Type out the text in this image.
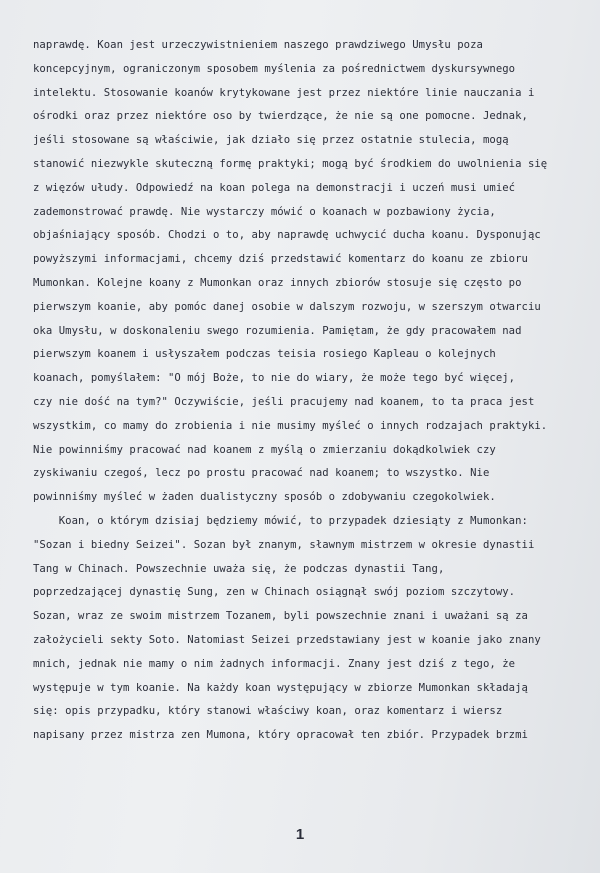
naprawdę. Koan jest urzeczywistnieniem naszego prawdziwego Umysłu poza
koncepcyjnym, ograniczonym sposobem myślenia za pośrednictwem dyskursywnego
intelektu. Stosowanie koanów krytykowane jest przez niektóre linie nauczania i
ośrodki oraz przez niektóre oso by twierdzące, że nie są one pomocne. Jednak,
jeśli stosowane są właściwie, jak działo się przez ostatnie stulecia, mogą
stanowić niezwykle skuteczną formę praktyki; mogą być środkiem do uwolnienia się
z więzów ułudy. Odpowiedź na koan polega na demonstracji i uczeń musi umieć
zademonstrować prawdę. Nie wystarczy mówić o koanach w pozbawiony życia,
objaśniający sposób. Chodzi o to, aby naprawdę uchwycić ducha koanu. Dysponując
powyższymi informacjami, chcemy dziś przedstawić komentarz do koanu ze zbioru
Mumonkan. Kolejne koany z Mumonkan oraz innych zbiorów stosuje się często po
pierwszym koanie, aby pomóc danej osobie w dalszym rozwoju, w szerszym otwarciu
oka Umysłu, w doskonaleniu swego rozumienia. Pamiętam, że gdy pracowałem nad
pierwszym koanem i usłyszałem podczas teisia rosiego Kapleau o kolejnych
koanach, pomyślałem: "O mój Boże, to nie do wiary, że może tego być więcej,
czy nie dość na tym?" Oczywiście, jeśli pracujemy nad koanem, to ta praca jest
wszystkim, co mamy do zrobienia i nie musimy myśleć o innych rodzajach praktyki.
Nie powinniśmy pracować nad koanem z myślą o zmierzaniu dokądkolwiek czy
zyskiwaniu czegoś, lecz po prostu pracować nad koanem; to wszystko. Nie
powinniśmy myśleć w żaden dualistyczny sposób o zdobywaniu czegokolwiek.
Koan, o którym dzisiaj będziemy mówić, to przypadek dziesiąty z Mumonkan:
"Sozan i biedny Seizei". Sozan był znanym, sławnym mistrzem w okresie dynastii
Tang w Chinach. Powszechnie uważa się, że podczas dynastii Tang,
poprzedzającej dynastię Sung, zen w Chinach osiągnął swój poziom szczytowy.
Sozan, wraz ze swoim mistrzem Tozanem, byli powszechnie znani i uważani są za
założycieli sekty Soto. Natomiast Seizei przedstawiany jest w koanie jako znany
mnich, jednak nie mamy o nim żadnych informacji. Znany jest dziś z tego, że
występuje w tym koanie. Na każdy koan występujący w zbiorze Mumonkan składają
się: opis przypadku, który stanowi właściwy koan, oraz komentarz i wiersz
napisany przez mistrza zen Mumona, który opracował ten zbiór. Przypadek brzmi
1
